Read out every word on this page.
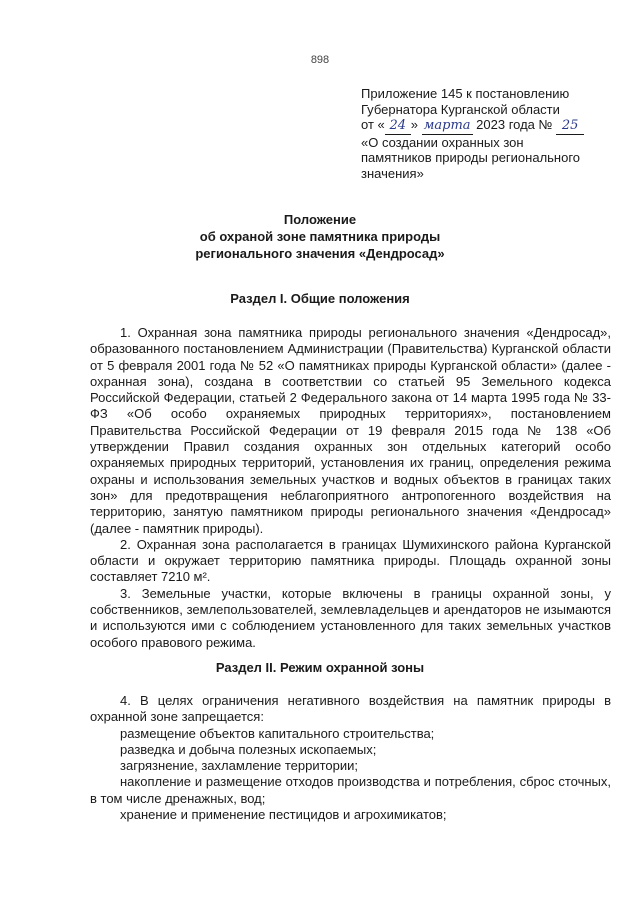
898
Приложение 145 к постановлению
Губернатора Курганской области
от « 24 » марта 2023 года № 25
«О создании охранных зон
памятников природы регионального
значения»
Положение
об охраной зоне памятника природы
регионального значения «Дендросад»
Раздел I. Общие положения

1. Охранная зона памятника природы регионального значения «Дендросад», образованного постановлением Администрации (Правительства) Курганской области от 5 февраля 2001 года № 52 «О памятниках природы Курганской области» (далее - охранная зона), создана в соответствии со статьей 95 Земельного кодекса Российской Федерации, статьей 2 Федерального закона от 14 марта 1995 года № 33-ФЗ «Об особо охраняемых природных территориях», постановлением Правительства Российской Федерации от 19 февраля 2015 года № 138 «Об утверждении Правил создания охранных зон отдельных категорий особо охраняемых природных территорий, установления их границ, определения режима охраны и использования земельных участков и водных объектов в границах таких зон» для предотвращения неблагоприятного антропогенного воздействия на территорию, занятую памятником природы регионального значения «Дендросад» (далее - памятник природы).

2. Охранная зона располагается в границах Шумихинского района Курганской области и окружает территорию памятника природы. Площадь охранной зоны составляет 7210 м².

3. Земельные участки, которые включены в границы охранной зоны, у собственников, землепользователей, землевладельцев и арендаторов не изымаются и используются ими с соблюдением установленного для таких земельных участков особого правового режима.

Раздел II. Режим охранной зоны

4. В целях ограничения негативного воздействия на памятник природы в охранной зоне запрещается:

размещение объектов капитального строительства;

разведка и добыча полезных ископаемых;

загрязнение, захламление территории;

накопление и размещение отходов производства и потребления, сброс сточных, в том числе дренажных, вод;

хранение и применение пестицидов и агрохимикатов;
